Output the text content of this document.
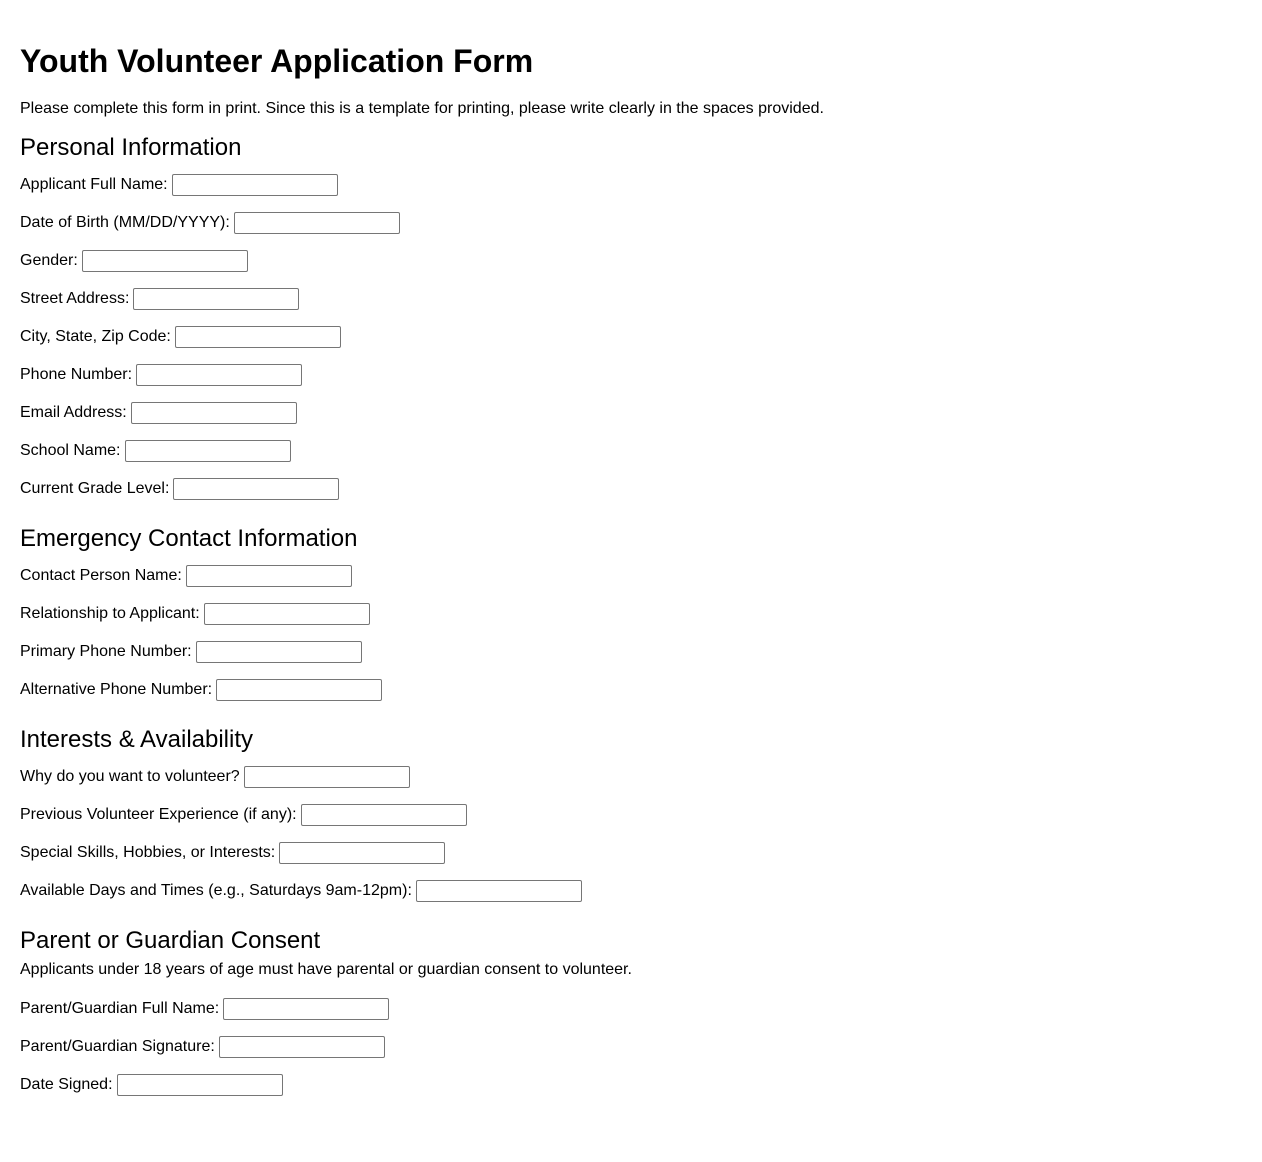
Youth Volunteer Application Form

Please complete this form in print. Since this is a template for printing, please write clearly in the spaces provided.

Personal Information
Applicant Full Name:
Date of Birth (MM/DD/YYYY):
Gender:
Street Address:
City, State, Zip Code:
Phone Number:
Email Address:
School Name:
Current Grade Level:
Emergency Contact Information
Contact Person Name:
Relationship to Applicant:
Primary Phone Number:
Alternative Phone Number:
Interests & Availability
Why do you want to volunteer?
Previous Volunteer Experience (if any):
Special Skills, Hobbies, or Interests:
Available Days and Times (e.g., Saturdays 9am-12pm):
Parent or Guardian Consent
Applicants under 18 years of age must have parental or guardian consent to volunteer.
Parent/Guardian Full Name:
Parent/Guardian Signature:
Date Signed:
